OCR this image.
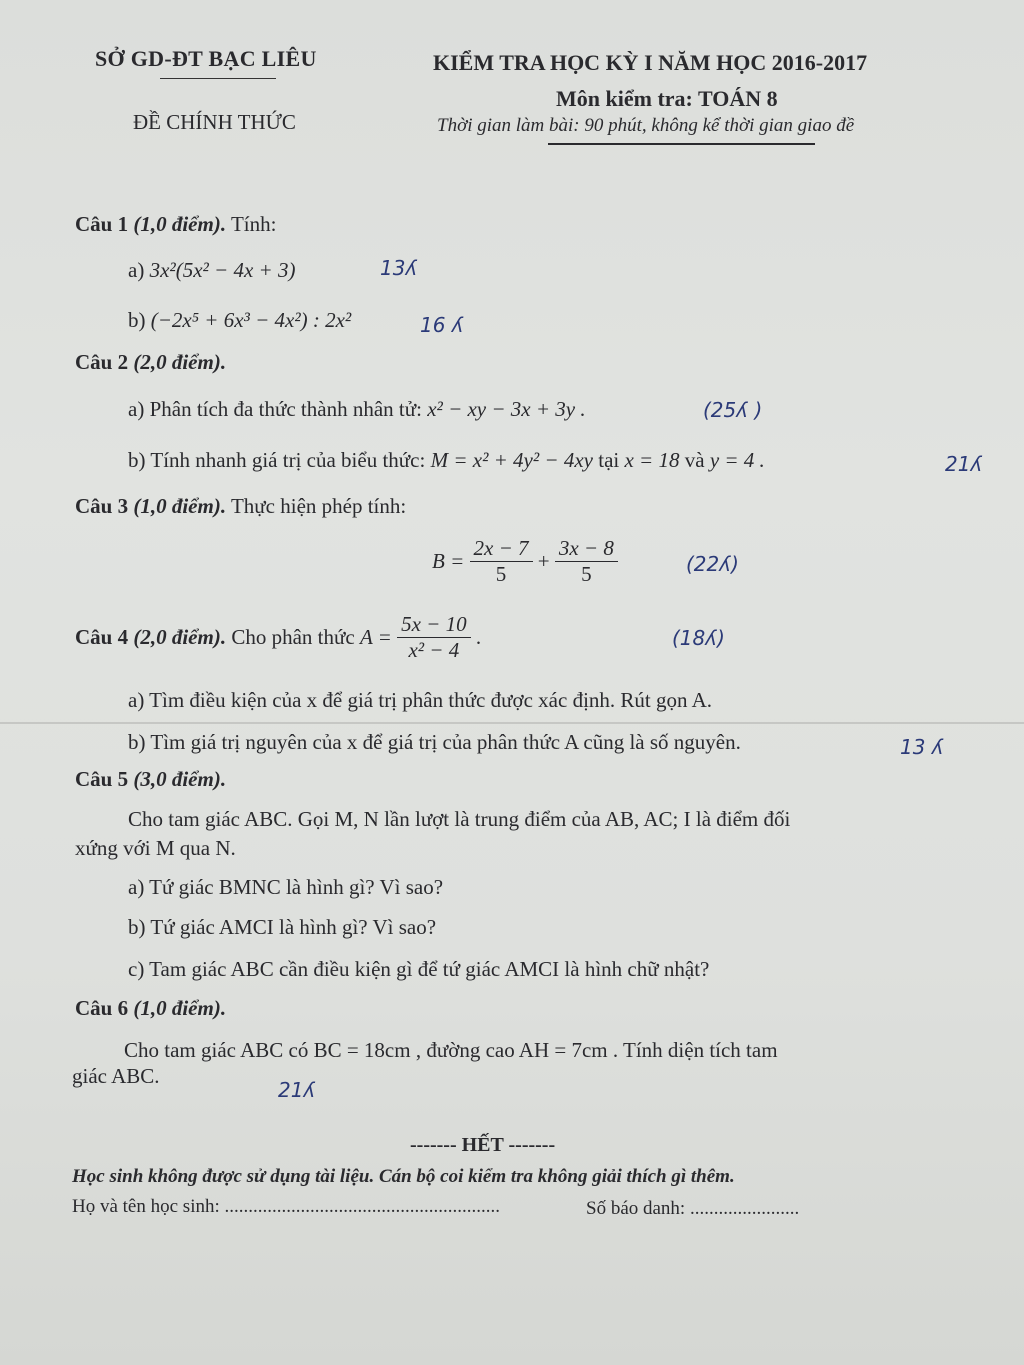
SỞ GD-ĐT BẠC LIÊU
ĐỀ CHÍNH THỨC
KIỂM TRA HỌC KỲ I NĂM HỌC 2016-2017
Môn kiểm tra: TOÁN 8
Thời gian làm bài: 90 phút, không kể thời gian giao đề
Câu 1 (1,0 điểm). Tính:
a) 3x²(5x² − 4x + 3)	13ʎ
b) (−2x⁵ + 6x³ − 4x²) : 2x²	16 ʎ
Câu 2 (2,0 điểm).
a) Phân tích đa thức thành nhân tử: x² − xy − 3x + 3y .	(25ʎ )
b) Tính nhanh giá trị của biểu thức: M = x² + 4y² − 4xy tại x = 18 và y = 4 .	21ʎ
Câu 3 (1,0 điểm). Thực hiện phép tính:
$B = \frac{2x - 7}{5} + \frac{3x - 8}{5}$	(22ʎ)
Câu 4 (2,0 điểm). Cho phân thức $A = \frac{5x - 10}{\text{x² − 4}}$ .	(18ʎ)
a) Tìm điều kiện của x để giá trị phân thức được xác định. Rút gọn A.
b) Tìm giá trị nguyên của x để giá trị của phân thức A cũng là số nguyên.	13 ʎ
Câu 5 (3,0 điểm).
Cho tam giác ABC. Gọi M, N lần lượt là trung điểm của AB, AC; I là điểm đối
xứng với M qua N.
a) Tứ giác BMNC là hình gì? Vì sao?
b) Tứ giác AMCI là hình gì? Vì sao?
c) Tam giác ABC cần điều kiện gì để tứ giác AMCI là hình chữ nhật?
Câu 6 (1,0 điểm).
Cho tam giác ABC có BC = 18cm , đường cao AH = 7cm . Tính diện tích tam
giác ABC.
21ʎ
------- HẾT -------
Học sinh không được sử dụng tài liệu. Cán bộ coi kiểm tra không giải thích gì thêm.
Họ và tên học sinh: ..........................................................	Số báo danh: .......................
